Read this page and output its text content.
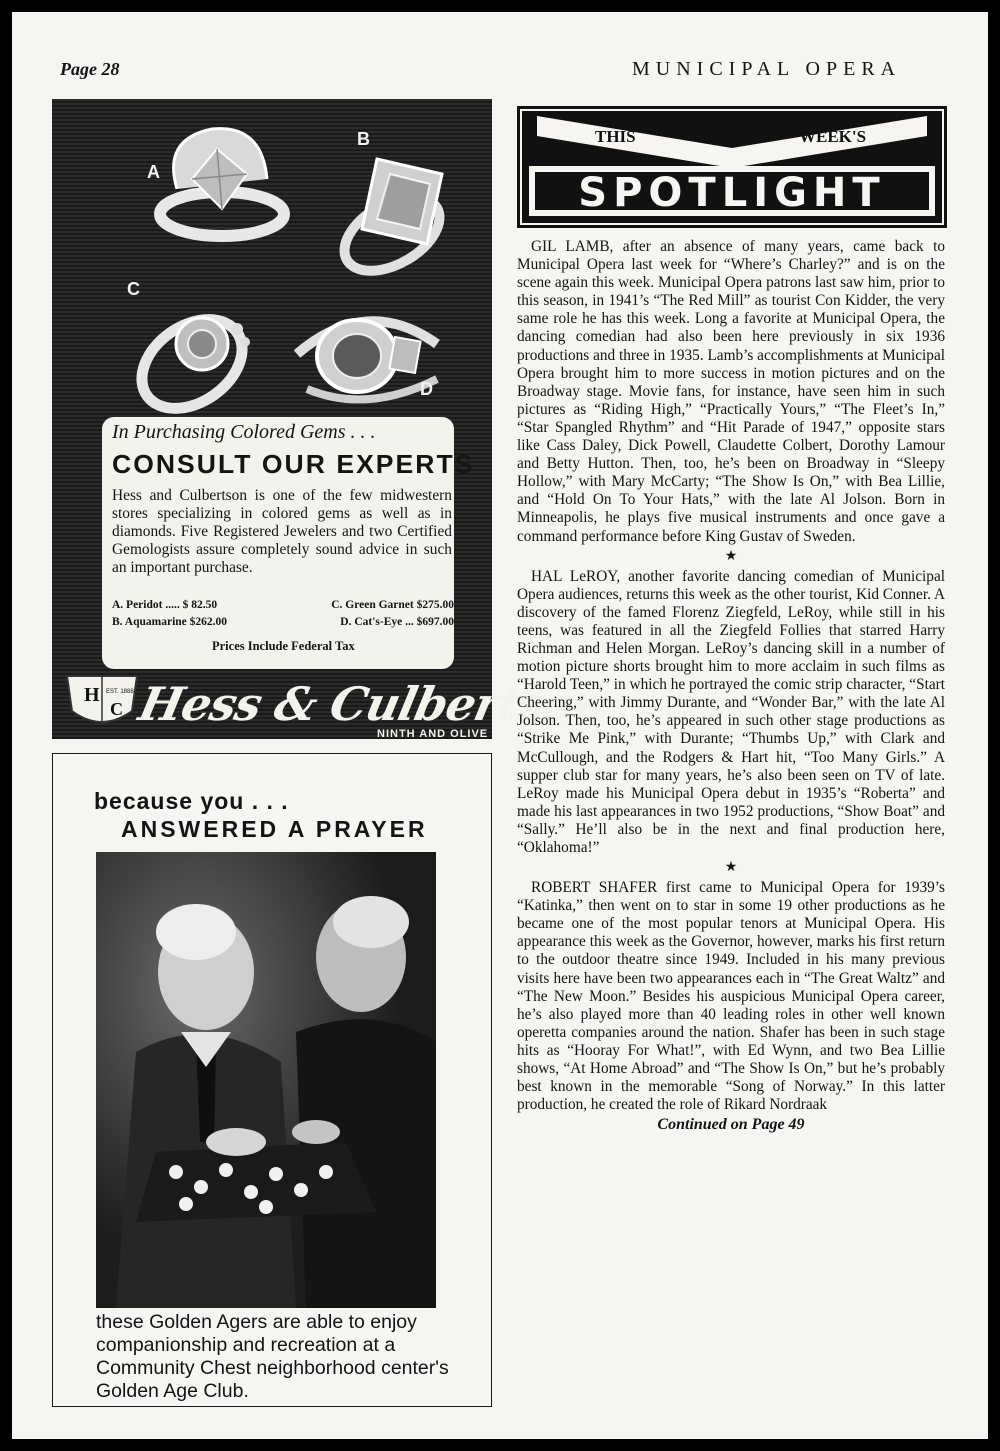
Page 28	MUNICIPAL OPERA
A
B
C
D
In Purchasing Colored Gems . . .
CONSULT OUR EXPERTS
Hess and Culbertson is one of the few midwestern stores specializing in colored gems as well as in diamonds. Five Registered Jewelers and two Certified Gemologists assure completely sound advice in such an important purchase.
A. Peridot ..... $ 82.50	C. Green Garnet $275.00
B. Aquamarine $262.00	D. Cat's-Eye ... $697.00
Prices Include Federal Tax
H
C
EST. 1888 Hess & Culbertson
NINTH AND OLIVE
because you . . .
ANSWERED A PRAYER
these Golden Agers are able to enjoy companionship and recreation at a Community Chest neighborhood center's Golden Age Club.
THIS	WEEK'S
SPOTLIGHT

GIL LAMB, after an absence of many years, came back to Municipal Opera last week for “Where’s Charley?” and is on the scene again this week. Municipal Opera patrons last saw him, prior to this season, in 1941’s “The Red Mill” as tourist Con Kidder, the very same role he has this week. Long a favorite at Municipal Opera, the dancing comedian had also been here previously in six 1936 productions and three in 1935. Lamb’s accomplishments at Municipal Opera brought him to more success in motion pictures and on the Broadway stage. Movie fans, for instance, have seen him in such pictures as “Riding High,” “Practically Yours,” “The Fleet’s In,” “Star Spangled Rhythm” and “Hit Parade of 1947,” opposite stars like Cass Daley, Dick Powell, Claudette Colbert, Dorothy Lamour and Betty Hutton. Then, too, he’s been on Broadway in “Sleepy Hollow,” with Mary McCarty; “The Show Is On,” with Bea Lillie, and “Hold On To Your Hats,” with the late Al Jolson. Born in Minneapolis, he plays five musical instruments and once gave a command performance before King Gustav of Sweden.

★

HAL LeROY, another favorite dancing comedian of Municipal Opera audiences, returns this week as the other tourist, Kid Conner. A discovery of the famed Florenz Ziegfeld, LeRoy, while still in his teens, was featured in all the Ziegfeld Follies that starred Harry Richman and Helen Morgan. LeRoy’s dancing skill in a number of motion picture shorts brought him to more acclaim in such films as “Harold Teen,” in which he portrayed the comic strip character, “Start Cheering,” with Jimmy Durante, and “Wonder Bar,” with the late Al Jolson. Then, too, he’s appeared in such other stage productions as “Strike Me Pink,” with Durante; “Thumbs Up,” with Clark and McCullough, and the Rodgers & Hart hit, “Too Many Girls.” A supper club star for many years, he’s also been seen on TV of late. LeRoy made his Municipal Opera debut in 1935’s “Roberta” and made his last appearances in two 1952 productions, “Show Boat” and “Sally.” He’ll also be in the next and final production here, “Oklahoma!”

★

ROBERT SHAFER first came to Municipal Opera for 1939’s “Katinka,” then went on to star in some 19 other productions as he became one of the most popular tenors at Municipal Opera. His appearance this week as the Governor, however, marks his first return to the outdoor theatre since 1949. Included in his many previous visits here have been two appearances each in “The Great Waltz” and “The New Moon.” Besides his auspicious Municipal Opera career, he’s also played more than 40 leading roles in other well known operetta companies around the nation. Shafer has been in such stage hits as “Hooray For What!”, with Ed Wynn, and two Bea Lillie shows, “At Home Abroad” and “The Show Is On,” but he’s probably best known in the memorable “Song of Norway.” In this latter production, he created the role of Rikard Nordraak

Continued on Page 49
